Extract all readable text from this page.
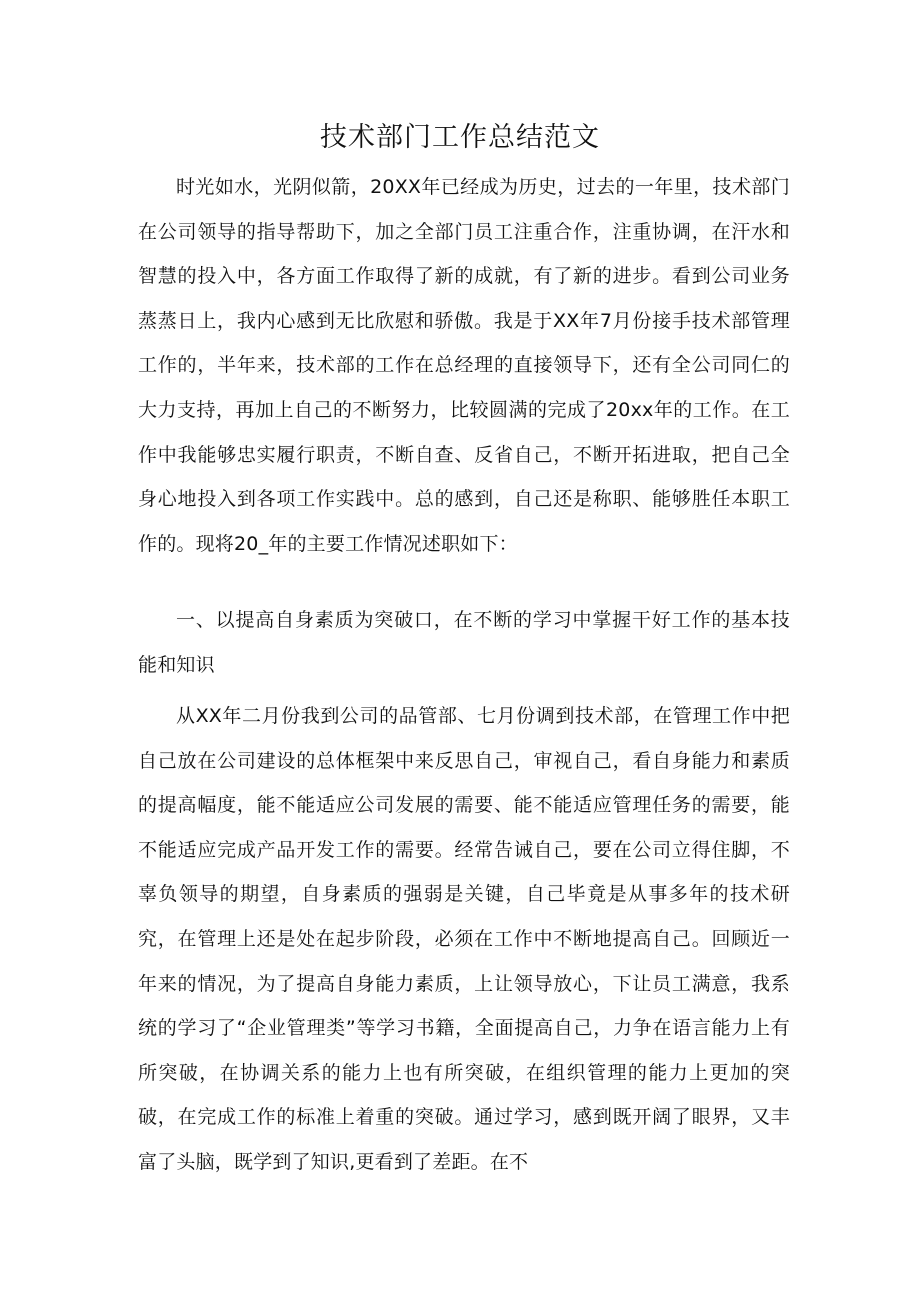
技术部门工作总结范文

时光如水，光阴似箭，20XX年已经成为历史，过去的一年里，技术部门在公司领导的指导帮助下，加之全部门员工注重合作，注重协调，在汗水和智慧的投入中，各方面工作取得了新的成就，有了新的进步。看到公司业务蒸蒸日上，我内心感到无比欣慰和骄傲。我是于XX年7月份接手技术部管理工作的，半年来，技术部的工作在总经理的直接领导下，还有全公司同仁的大力支持，再加上自己的不断努力，比较圆满的完成了20xx年的工作。在工作中我能够忠实履行职责，不断自查、反省自己，不断开拓进取，把自己全身心地投入到各项工作实践中。总的感到，自己还是称职、能够胜任本职工作的。现将20_年的主要工作情况述职如下：

一、以提高自身素质为突破口，在不断的学习中掌握干好工作的基本技能和知识

从XX年二月份我到公司的品管部、七月份调到技术部，在管理工作中把自己放在公司建设的总体框架中来反思自己，审视自己，看自身能力和素质的提高幅度，能不能适应公司发展的需要、能不能适应管理任务的需要，能不能适应完成产品开发工作的需要。经常告诫自己，要在公司立得住脚，不辜负领导的期望，自身素质的强弱是关键，自己毕竟是从事多年的技术研究，在管理上还是处在起步阶段，必须在工作中不断地提高自己。回顾近一年来的情况，为了提高自身能力素质，上让领导放心，下让员工满意，我系统的学习了“企业管理类”等学习书籍，全面提高自己，力争在语言能力上有所突破，在协调关系的能力上也有所突破，在组织管理的能力上更加的突破，在完成工作的标准上着重的突破。通过学习，感到既开阔了眼界，又丰富了头脑，既学到了知识,更看到了差距。在不
